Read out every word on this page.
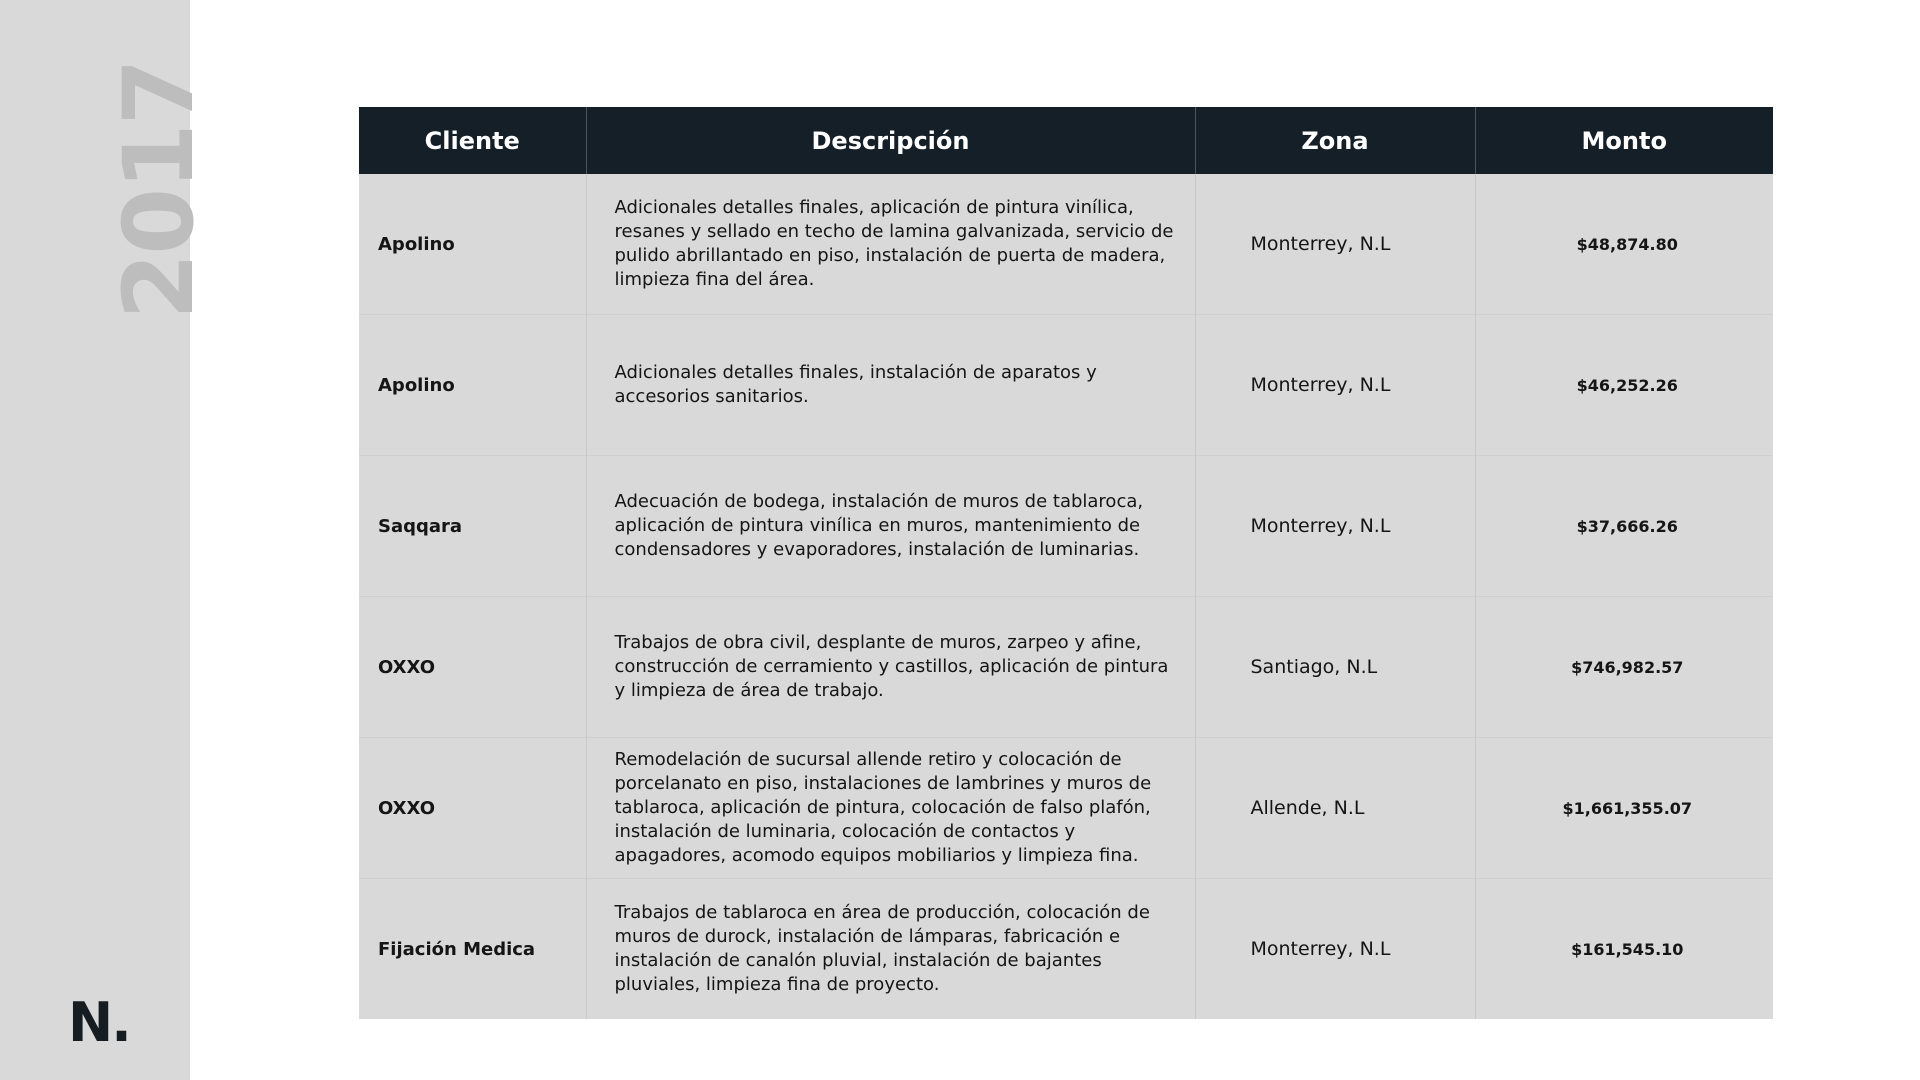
2017
N.
Cliente	Descripción	Zona	Monto
Apolino	Adicionales detalles finales, aplicación de pintura vinílica, resanes y sellado en techo de lamina galvanizada, servicio de pulido abrillantado en piso, instalación de puerta de madera, limpieza fina del área.	Monterrey, N.L	$48,874.80
Apolino	Adicionales detalles finales, instalación de aparatos y accesorios sanitarios.	Monterrey, N.L	$46,252.26
Saqqara	Adecuación de bodega, instalación de muros de tablaroca, aplicación de pintura vinílica en muros, mantenimiento de condensadores y evaporadores, instalación de luminarias.	Monterrey, N.L	$37,666.26
OXXO	Trabajos de obra civil, desplante de muros, zarpeo y afine, construcción de cerramiento y castillos, aplicación de pintura y limpieza de área de trabajo.	Santiago, N.L	$746,982.57
OXXO	Remodelación de sucursal allende retiro y colocación de porcelanato en piso, instalaciones de lambrines y muros de tablaroca, aplicación de pintura, colocación de falso plafón, instalación de luminaria, colocación de contactos y apagadores, acomodo equipos mobiliarios y limpieza fina.	Allende, N.L	$1,661,355.07
Fijación Medica	Trabajos de tablaroca en área de producción, colocación de muros de durock, instalación de lámparas, fabricación e instalación de canalón pluvial, instalación de bajantes pluviales, limpieza fina de proyecto.	Monterrey, N.L	$161,545.10
